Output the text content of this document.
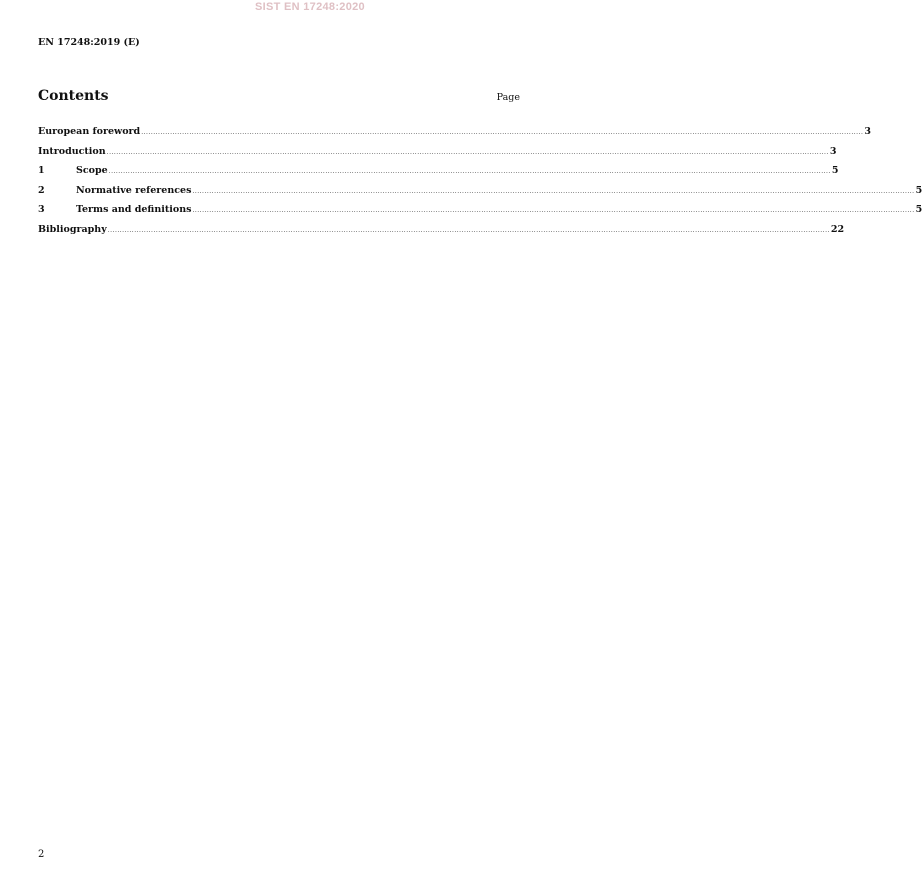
SIST EN 17248:2020
EN 17248:2019 (E)
Contents	Page
European foreword ............................................................................................................................................................................................................................................................................................................ 3
Introduction ............................................................................................................................................................................................................................................................................................................ 3
1	Scope ............................................................................................................................................................................................................................................................................................................ 5
2	Normative references ............................................................................................................................................................................................................................................................................................................ 5
3	Terms and definitions ............................................................................................................................................................................................................................................................................................................ 5
Bibliography ............................................................................................................................................................................................................................................................................................................ 22
2
